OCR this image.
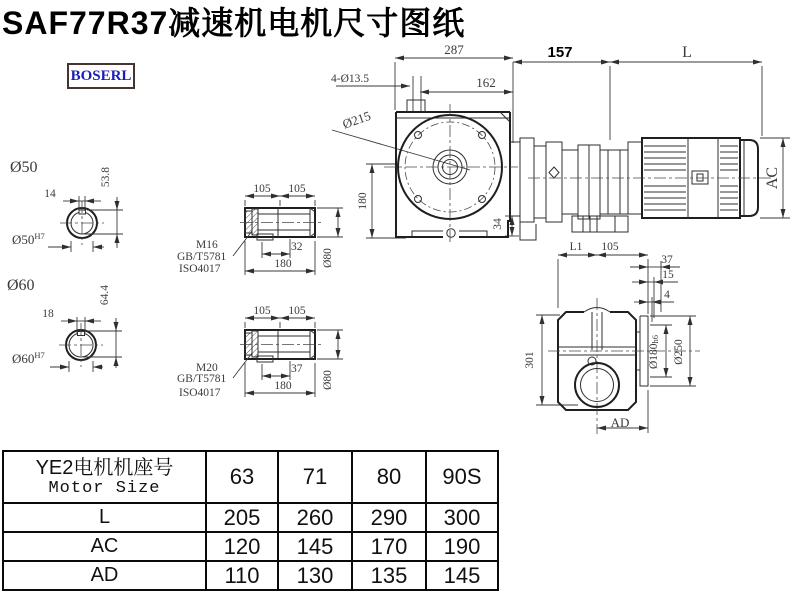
SAF77R37减速机电机尺寸图纸
BOSERL
287
162
157	L
4-Ø13.5
Ø215
180
34
AC
L1 105
37
15
4
301	Ø180h6 Ø250
AD
Ø50
14
53.8
$Ø50^{H7}$
Ø60
18
64.4
$Ø60^{H7}$
105 105
32
180	Ø80
M16
GB/T5781
ISO4017
105 105
37
180	Ø80
M20
GB/T5781
ISO4017
YE2电机机座号
Motor Size	63	71	80	90S
L	205	260	290	300
AC	120	145	170	190
AD	110	130	135	145
